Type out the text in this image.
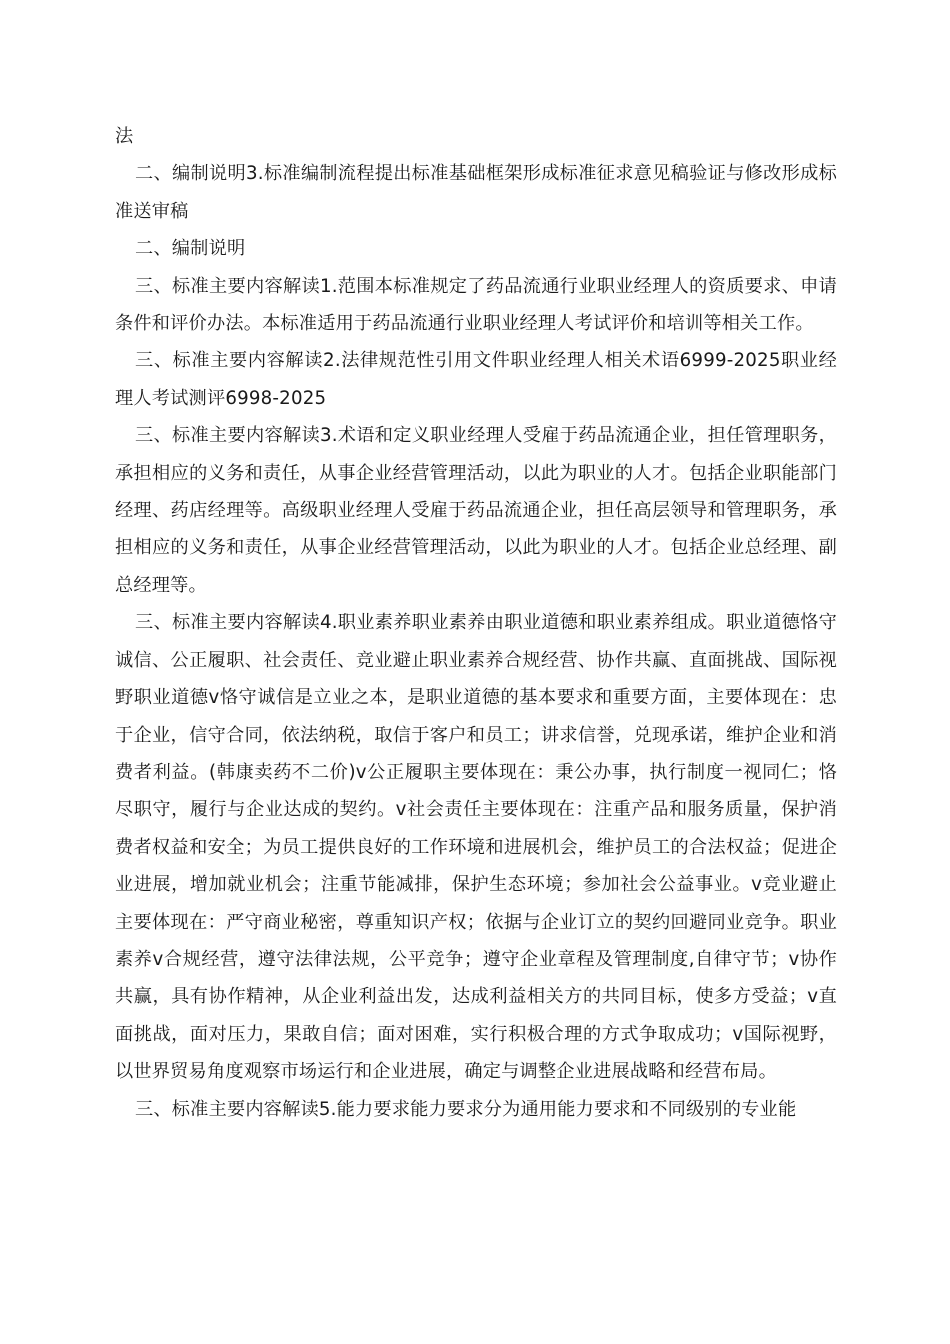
法

二、编制说明3.标准编制流程提出标准基础框架形成标准征求意见稿验证与修改形成标准送审稿

二、编制说明

三、标准主要内容解读1.范围本标准规定了药品流通行业职业经理人的资质要求、申请条件和评价办法。本标准适用于药品流通行业职业经理人考试评价和培训等相关工作。

三、标准主要内容解读2.法律规范性引用文件职业经理人相关术语6999-2025职业经理人考试测评6998-2025

三、标准主要内容解读3.术语和定义职业经理人受雇于药品流通企业，担任管理职务，承担相应的义务和责任，从事企业经营管理活动，以此为职业的人才。包括企业职能部门经理、药店经理等。高级职业经理人受雇于药品流通企业，担任高层领导和管理职务，承担相应的义务和责任，从事企业经营管理活动，以此为职业的人才。包括企业总经理、副总经理等。

三、标准主要内容解读4.职业素养职业素养由职业道德和职业素养组成。职业道德恪守诚信、公正履职、社会责任、竞业避止职业素养合规经营、协作共赢、直面挑战、国际视野职业道德v恪守诚信是立业之本，是职业道德的基本要求和重要方面，主要体现在：忠于企业，信守合同，依法纳税，取信于客户和员工；讲求信誉，兑现承诺，维护企业和消费者利益。(韩康卖药不二价)v公正履职主要体现在：秉公办事，执行制度一视同仁；恪尽职守，履行与企业达成的契约。v社会责任主要体现在：注重产品和服务质量，保护消费者权益和安全；为员工提供良好的工作环境和进展机会，维护员工的合法权益；促进企业进展，增加就业机会；注重节能减排，保护生态环境；参加社会公益事业。v竞业避止主要体现在：严守商业秘密，尊重知识产权；依据与企业订立的契约回避同业竞争。职业素养v合规经营，遵守法律法规，公平竞争；遵守企业章程及管理制度,自律守节；v协作共赢，具有协作精神，从企业利益出发，达成利益相关方的共同目标，使多方受益；v直面挑战，面对压力，果敢自信；面对困难，实行积极合理的方式争取成功；v国际视野，以世界贸易角度观察市场运行和企业进展，确定与调整企业进展战略和经营布局。

三、标准主要内容解读5.能力要求能力要求分为通用能力要求和不同级别的专业能
